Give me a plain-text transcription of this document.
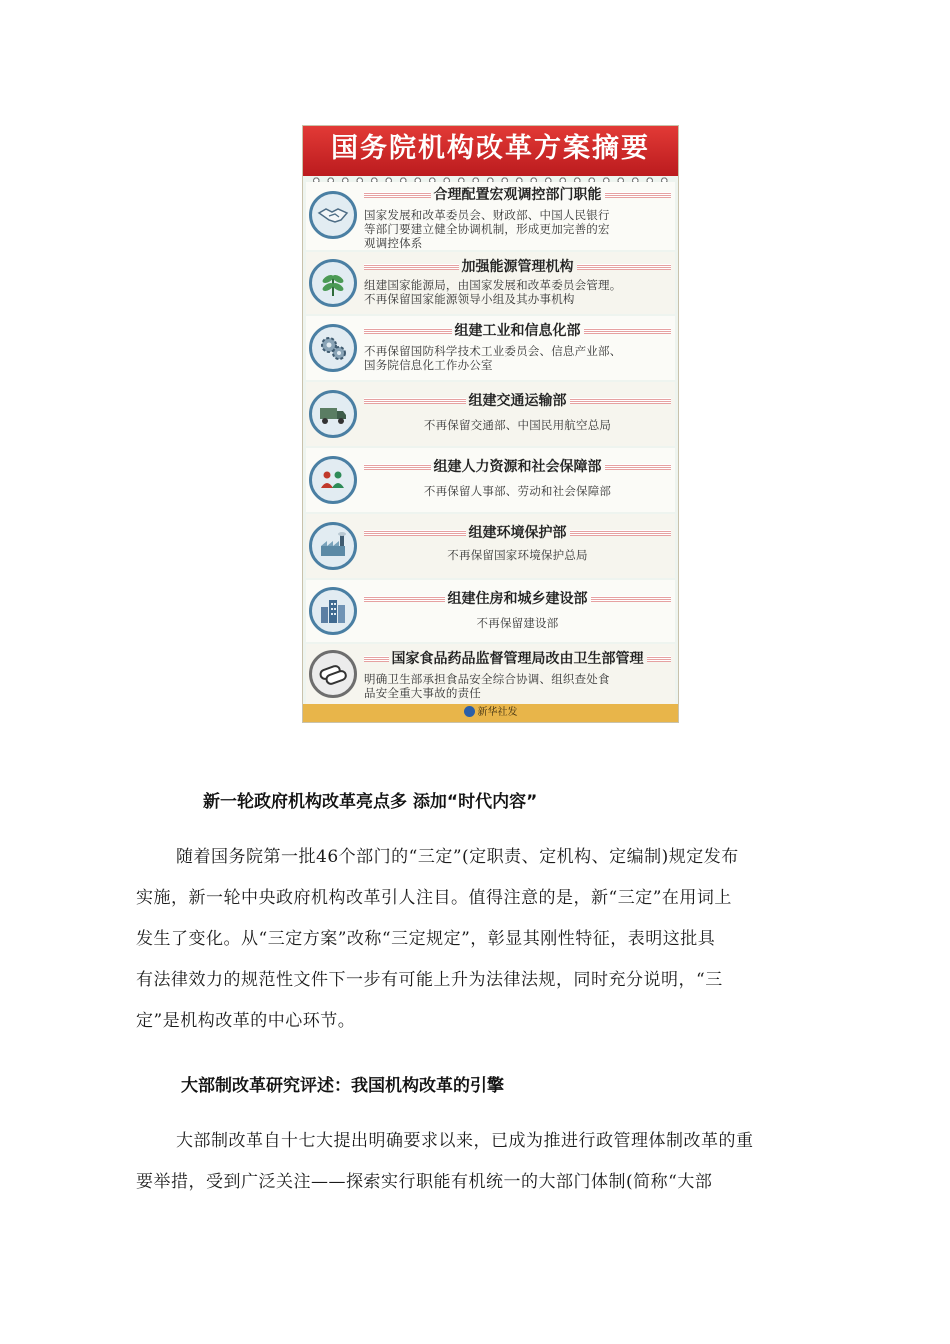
国务院机构改革方案摘要
合理配置宏观调控部门职能
国家发展和改革委员会、财政部、中国人民银行
等部门要建立健全协调机制，形成更加完善的宏
观调控体系
加强能源管理机构
组建国家能源局，由国家发展和改革委员会管理。
不再保留国家能源领导小组及其办事机构
组建工业和信息化部
不再保留国防科学技术工业委员会、信息产业部、
国务院信息化工作办公室
组建交通运输部
不再保留交通部、中国民用航空总局
组建人力资源和社会保障部
不再保留人事部、劳动和社会保障部
组建环境保护部
不再保留国家环境保护总局
组建住房和城乡建设部
不再保留建设部
国家食品药品监督管理局改由卫生部管理
明确卫生部承担食品安全综合协调、组织查处食
品安全重大事故的责任
新华社发
新一轮政府机构改革亮点多 添加“时代内容”
随着国务院第一批46个部门的“三定”(定职责、定机构、定编制)规定发布
实施，新一轮中央政府机构改革引人注目。值得注意的是，新“三定”在用词上
发生了变化。从“三定方案”改称“三定规定”，彰显其刚性特征，表明这批具
有法律效力的规范性文件下一步有可能上升为法律法规，同时充分说明，“三
定”是机构改革的中心环节。
大部制改革研究评述：我国机构改革的引擎
大部制改革自十七大提出明确要求以来，已成为推进行政管理体制改革的重
要举措，受到广泛关注——探索实行职能有机统一的大部门体制(简称“大部
